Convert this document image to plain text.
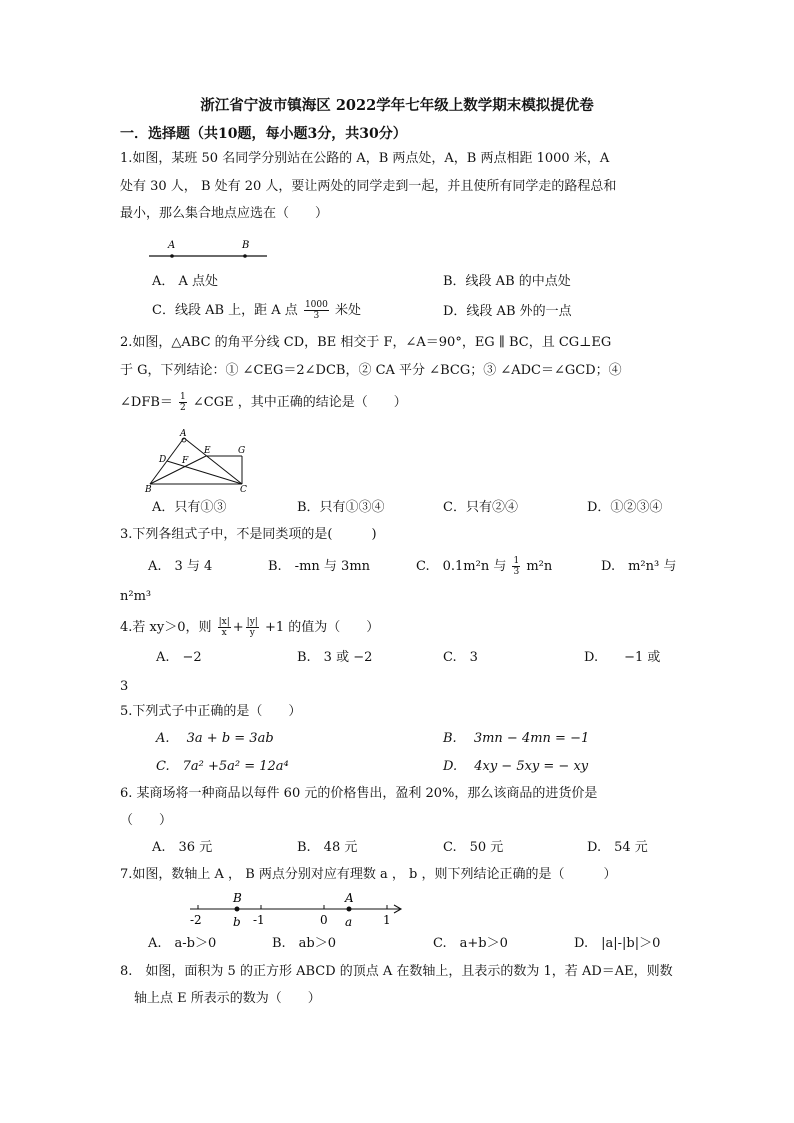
浙江省宁波市镇海区 2022学年七年级上数学期末模拟提优卷
一．选择题（共10题，每小题3分，共30分）
1.如图，某班 50 名同学分别站在公路的 A，B 两点处，A，B 两点相距 1000 米，A
处有 30 人， B 处有 20 人，要让两处的同学走到一起，并且使所有同学走的路程总和
最小，那么集合地点应选在（　　）
A	B
A． A 点处	B．线段 AB 的中点处
C．线段 AB 上，距 A 点 $\frac{1000}{3}$ 米处	D．线段 AB 外的一点
2.如图，△ABC 的角平分线 CD，BE 相交于 F，∠A＝90°，EG ∥ BC，且 CG⊥EG
于 G，下列结论：① ∠CEG＝2∠DCB，② CA 平分 ∠BCG；③ ∠ADC＝∠GCD；④
∠DFB＝ $\frac{1}{2}$ ∠CGE ，其中正确的结论是（　　）
A
D F
E	G
B	C
A．只有①③	B．只有①③④	C．只有②④	D．①②③④
3.下列各组式子中，不是同类项的是(　　　)
A.　3 与 4	B.　-mn 与 3mn	C.　0.1m²n 与 $\frac{1}{3} m^2n$	D.　m²n³ 与
n²m³
4.若 xy＞0，则 $\frac{|x|}{x} + \frac{|y|}{y} +1$ 的值为（　　）
A.　−2	B.　3 或 −2	C.　3	D.　　−1 或
3
5.下列式子中正确的是（　　）
A.　 3a + b = 3ab	B.　 3mn − 4mn = −1
C.　7a² +5a² = 12a⁴	D.　 4xy − 5xy = − xy
6. 某商场将一种商品以每件 60 元的价格售出，盈利 20%，那么该商品的进货价是
（　　）
A.　36 元	B.　48 元	C.　50 元	D.　54 元
7.如图，数轴上 A ， B 两点分别对应有理数 a ， b ，则下列结论正确的是（　　　）
-2	-1	0	1
B
b
A
a
A.　a-b＞0	B.　ab＞0	C.　a+b＞0	D.　|a|-|b|＞0
8.　如图，面积为 5 的正方形 ABCD 的顶点 A 在数轴上，且表示的数为 1，若 AD＝AE，则数
轴上点 E 所表示的数为（　　）
